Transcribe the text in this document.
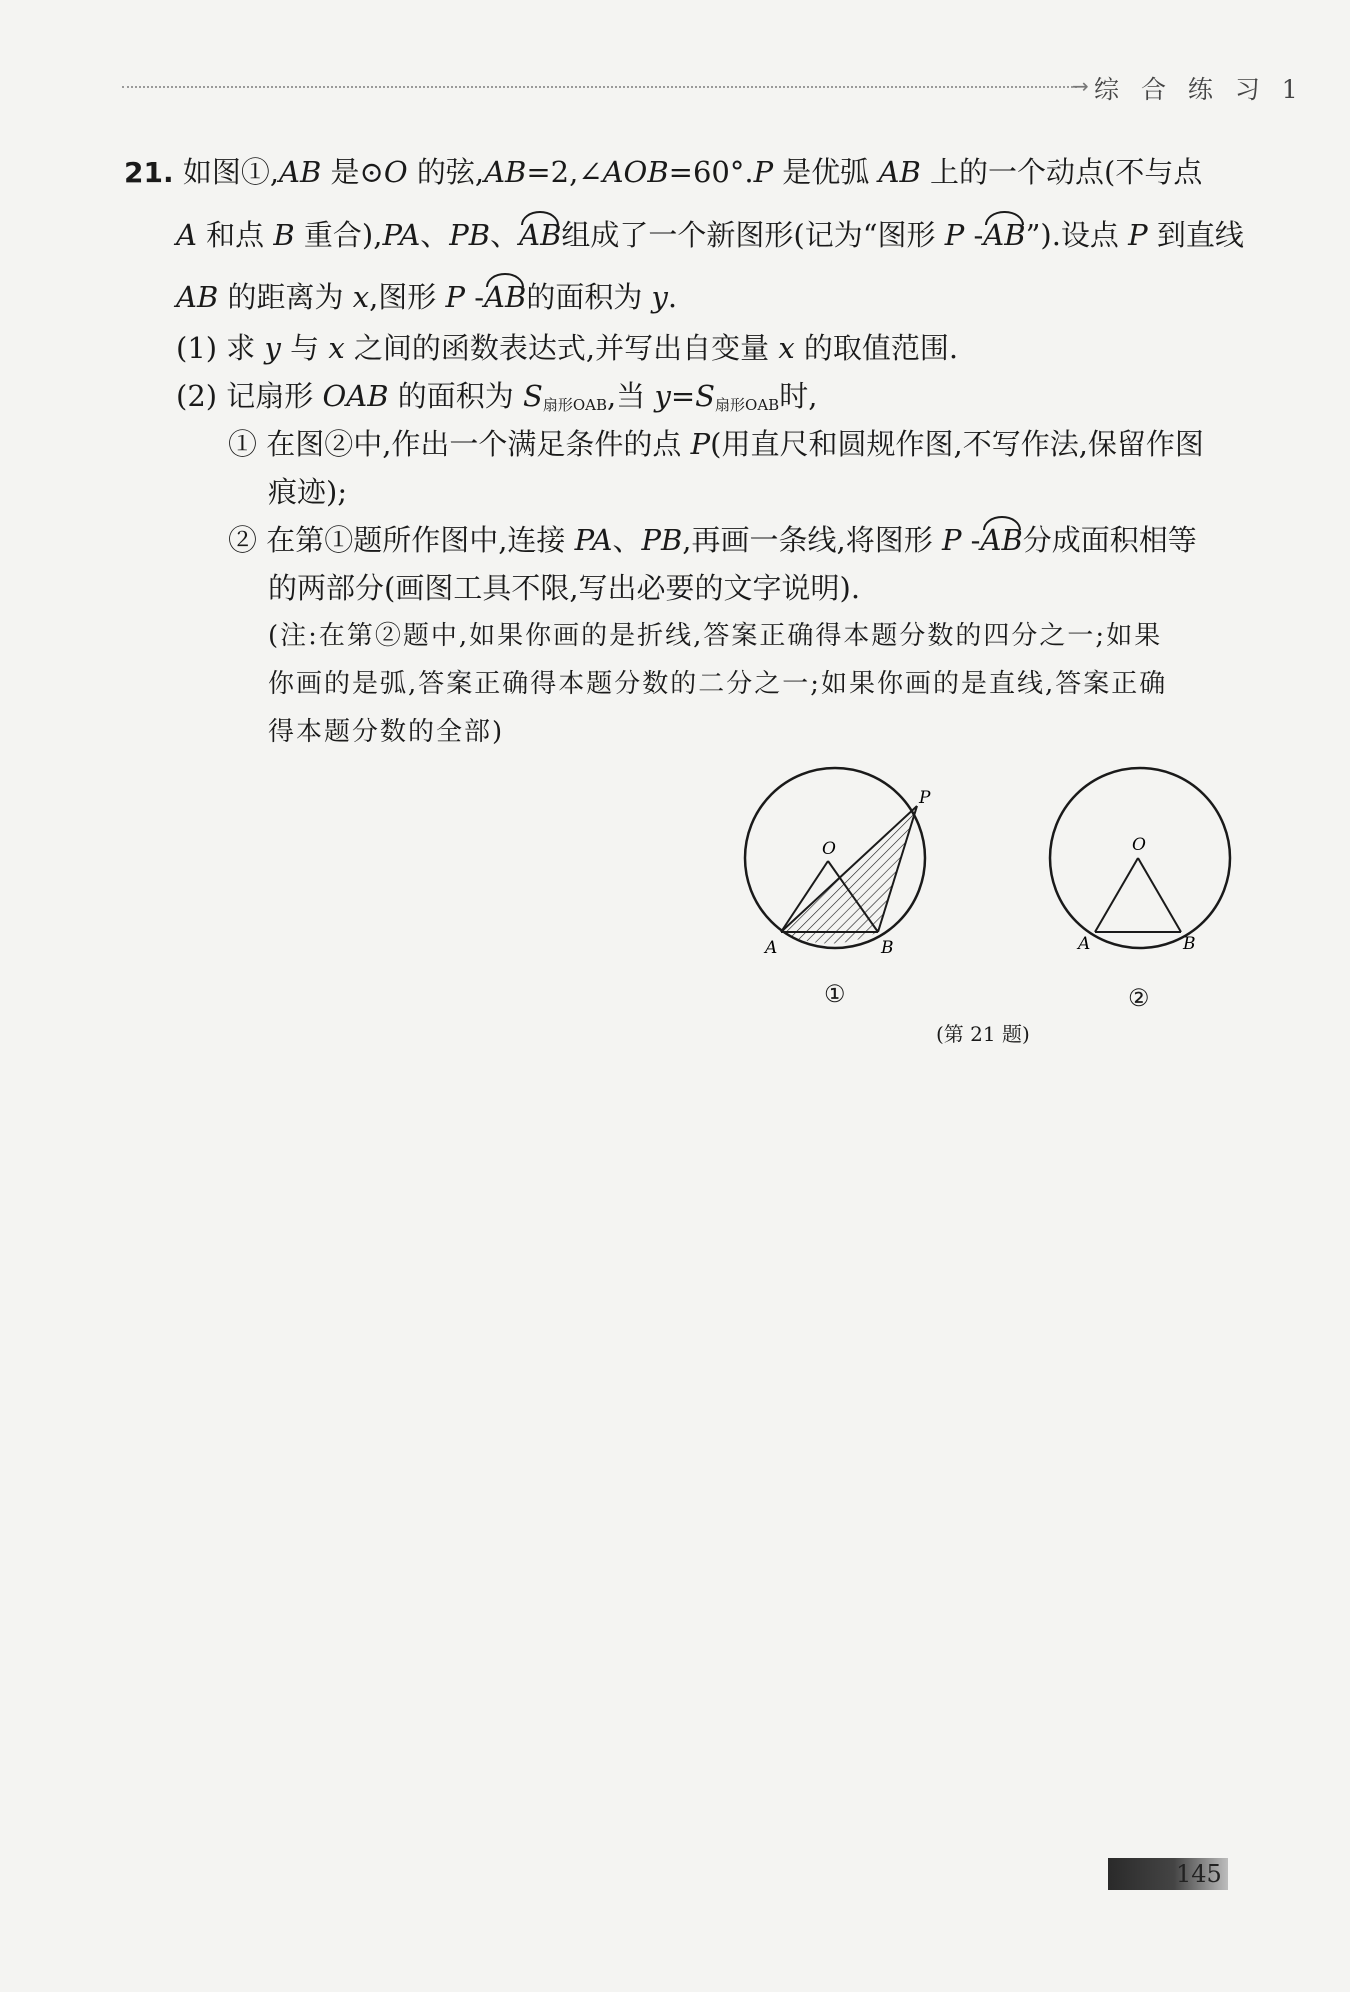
→ 综 合 练 习 1
21. 如图①,AB 是⊙O 的弦,AB=2,∠AOB=60°.P 是优弧 AB 上的一个动点(不与点
A 和点 B 重合),PA、PB、AB组成了一个新图形(记为“图形 P -AB”).设点 P 到直线
AB 的距离为 x,图形 P -AB的面积为 y.
(1) 求 y 与 x 之间的函数表达式,并写出自变量 x 的取值范围.
(2) 记扇形 OAB 的面积为 $S_{扇形OAB}$,当 $y=S_{扇形OAB}$时,
① 在图②中,作出一个满足条件的点 P(用直尺和圆规作图,不写作法,保留作图
痕迹);
② 在第①题所作图中,连接 PA、PB,再画一条线,将图形 P -AB分成面积相等
的两部分(画图工具不限,写出必要的文字说明).
(注:在第②题中,如果你画的是折线,答案正确得本题分数的四分之一;如果
你画的是弧,答案正确得本题分数的二分之一;如果你画的是直线,答案正确
得本题分数的全部)
O
A	B
P
①
O
A	B
②
(第 21 题)
145
